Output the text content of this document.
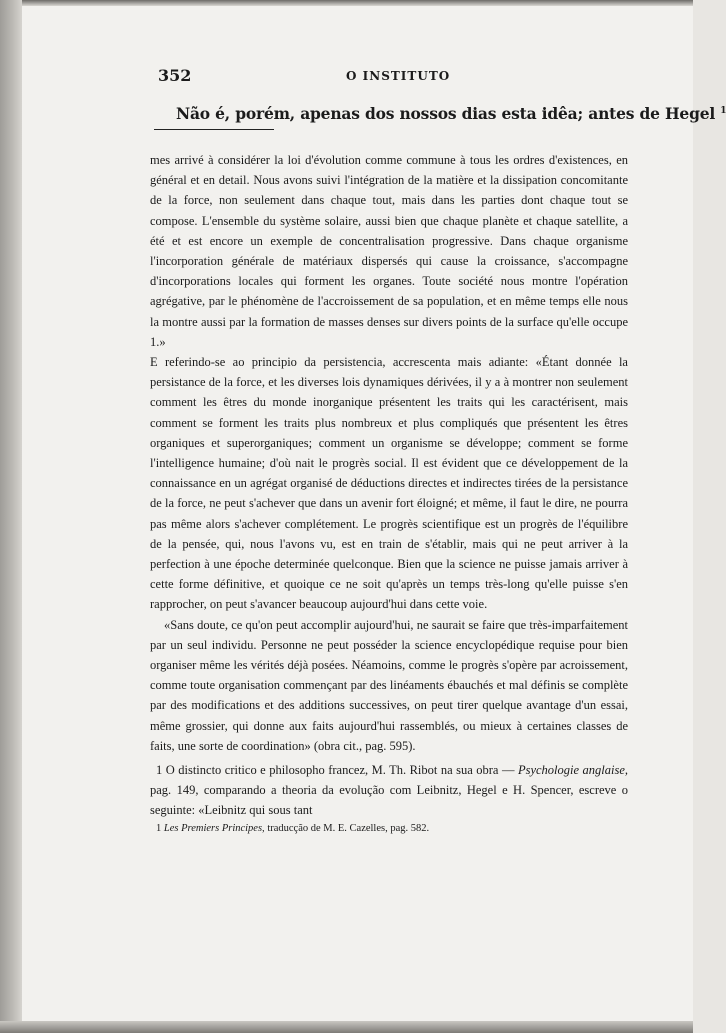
352	O INSTITUTO
Não é, porém, apenas dos nossos dias esta idêa; antes de Hegel $^1$

mes arrivé à considérer la loi d'évolution comme commune à tous les ordres d'existences, en général et en detail. Nous avons suivi l'intégration de la matière et la dissipation concomitante de la force, non seulement dans chaque tout, mais dans les parties dont chaque tout se compose. L'ensemble du système solaire, aussi bien que chaque planète et chaque satellite, a été et est encore un exemple de concentralisation progressive. Dans chaque organisme l'incorporation générale de matériaux dispersés qui cause la croissance, s'accompagne d'incorporations locales qui forment les organes. Toute société nous montre l'opération agrégative, par le phénomène de l'accroissement de sa population, et en même temps elle nous la montre aussi par la formation de masses denses sur divers points de la surface qu'elle occupe 1.»

E referindo-se ao principio da persistencia, accrescenta mais adiante: «Étant donnée la persistance de la force, et les diverses lois dynamiques dérivées, il y a à montrer non seulement comment les êtres du monde inorganique présentent les traits qui les caractérisent, mais comment se forment les traits plus nombreux et plus compliqués que présentent les êtres organiques et superorganiques; comment un organisme se développe; comment se forme l'intelligence humaine; d'où nait le progrès social. Il est évident que ce développement de la connaissance en un agrégat organisé de déductions directes et indirectes tirées de la persistance de la force, ne peut s'achever que dans un avenir fort éloigné; et même, il faut le dire, ne pourra pas même alors s'achever complétement. Le progrès scientifique est un progrès de l'équilibre de la pensée, qui, nous l'avons vu, est en train de s'établir, mais qui ne peut arriver à la perfection à une époche determinée quelconque. Bien que la science ne puisse jamais arriver à cette forme définitive, et quoique ce ne soit qu'après un temps très-long qu'elle puisse s'en rapprocher, on peut s'avancer beaucoup aujourd'hui dans cette voie.

«Sans doute, ce qu'on peut accomplir aujourd'hui, ne saurait se faire que très-imparfaitement par un seul individu. Personne ne peut posséder la science encyclopédique requise pour bien organiser même les vérités déjà posées. Néamoins, comme le progrès s'opère par acroissement, comme toute organisation commençant par des linéaments ébauchés et mal définis se complète par des modifications et des additions successives, on peut tirer quelque avantage d'un essai, même grossier, qui donne aux faits aujourd'hui rassemblés, ou mieux à certaines classes de faits, une sorte de coordination» (obra cit., pag. 595).

1 O distincto critico e philosopho francez, M. Th. Ribot na sua obra — Psychologie anglaise, pag. 149, comparando a theoria da evolução com Leibnitz, Hegel e H. Spencer, escreve o seguinte: «Leibnitz qui sous tant
1 Les Premiers Principes, traducção de M. E. Cazelles, pag. 582.
